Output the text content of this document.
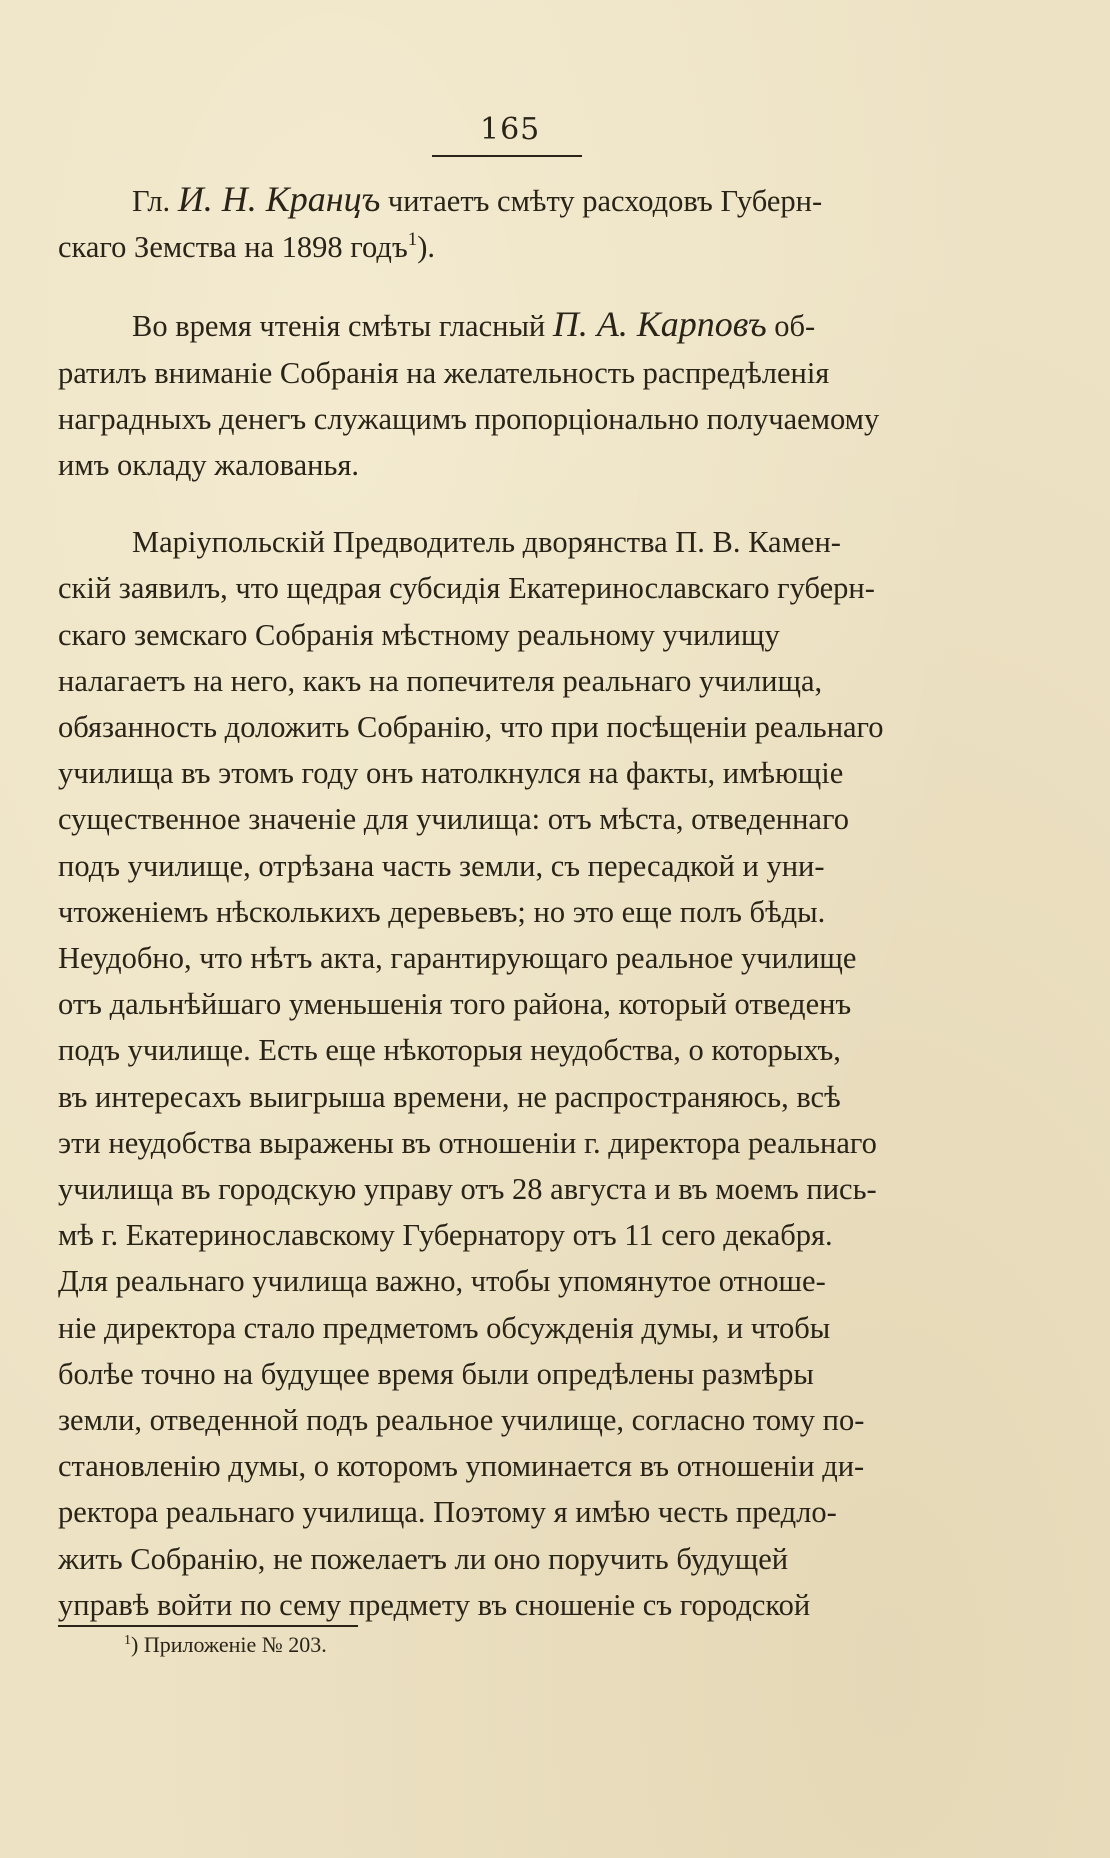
165
Гл. И. Н. Кранцъ читаетъ смѣту расходовъ Губерн-
скаго Земства на 1898 годъ$^1$).
Во время чтенія смѣты гласный П. А. Карповъ об-
ратилъ вниманіе Собранія на желательность распредѣленія
наградныхъ денегъ служащимъ пропорціонально получаемому
имъ окладу жалованья.
Маріупольскій Предводитель дворянства П. В. Камен-
скій заявилъ, что щедрая субсидія Екатеринославскаго губерн-
скаго земскаго Собранія мѣстному реальному училищу
налагаетъ на него, какъ на попечителя реальнаго училища,
обязанность доложить Собранію, что при посѣщеніи реальнаго
училища въ этомъ году онъ натолкнулся на факты, имѣющіе
существенное значеніе для училища: отъ мѣста, отведеннаго
подъ училище, отрѣзана часть земли, съ пересадкой и уни-
чтоженіемъ нѣсколькихъ деревьевъ; но это еще полъ бѣды.
Неудобно, что нѣтъ акта, гарантирующаго реальное училище
отъ дальнѣйшаго уменьшенія того района, который отведенъ
подъ училище. Есть еще нѣкоторыя неудобства, о которыхъ,
въ интересахъ выигрыша времени, не распространяюсь, всѣ
эти неудобства выражены въ отношеніи г. директора реальнаго
училища въ городскую управу отъ 28 августа и въ моемъ пись-
мѣ г. Екатеринославскому Губернатору отъ 11 сего декабря.
Для реальнаго училища важно, чтобы упомянутое отноше-
ніе директора стало предметомъ обсужденія думы, и чтобы
болѣе точно на будущее время были опредѣлены размѣры
земли, отведенной подъ реальное училище, согласно тому по-
становленію думы, о которомъ упоминается въ отношеніи ди-
ректора реальнаго училища. Поэтому я имѣю честь предло-
жить Собранію, не пожелаетъ ли оно поручить будущей
управѣ войти по сему предмету въ сношеніе съ городской
$^1$) Приложеніе № 203.
